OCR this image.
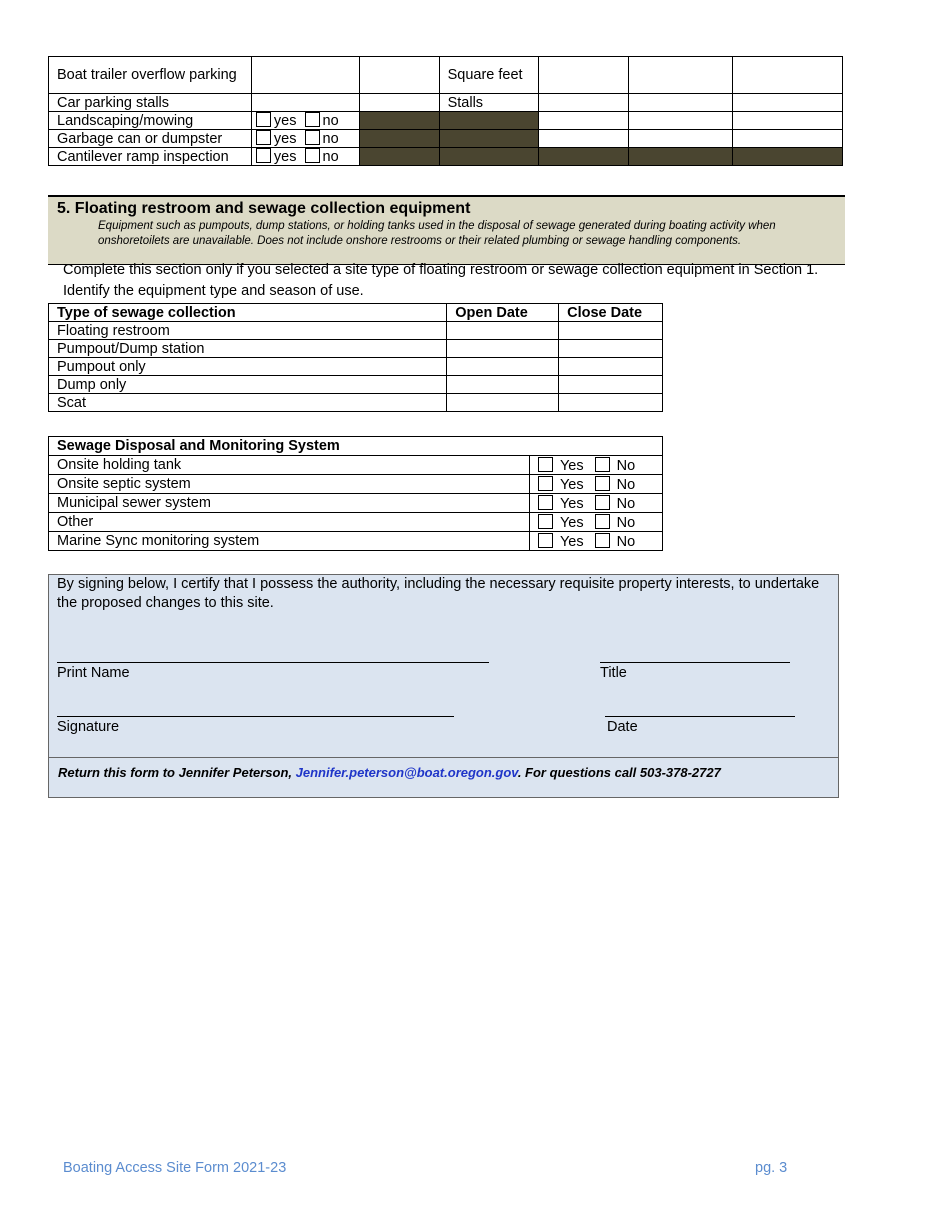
Boat trailer overflow parking			Square feet			
Car parking stalls			Stalls			
Landscaping/mowing	yes no					
Garbage can or dumpster	yes no					
Cantilever ramp inspection	yes no					
5. Floating restroom and sewage collection equipment
Equipment such as pumpouts, dump stations, or holding tanks used in the disposal of sewage generated during boating activity when onshoretoilets are unavailable. Does not include onshore restrooms or their related plumbing or sewage handling components.
Complete this section only if you selected a site type of floating restroom or sewage collection equipment in Section 1.
Identify the equipment type and season of use.
Type of sewage collection	Open Date	Close Date
Floating restroom		
Pumpout/Dump station		
Pumpout only		
Dump only		
Scat		
Sewage Disposal and Monitoring System	
Onsite holding tank	Yes No
Onsite septic system	Yes No
Municipal sewer system	Yes No
Other	Yes No
Marine Sync monitoring system	Yes No
By signing below, I certify that I possess the authority, including the necessary requisite property interests, to undertake the proposed changes to this site.
Print Name	Title
Signature	Date
Return this form to Jennifer Peterson, Jennifer.peterson@boat.oregon.gov. For questions call 503-378-2727
Boating Access Site Form 2021-23	pg. 3
